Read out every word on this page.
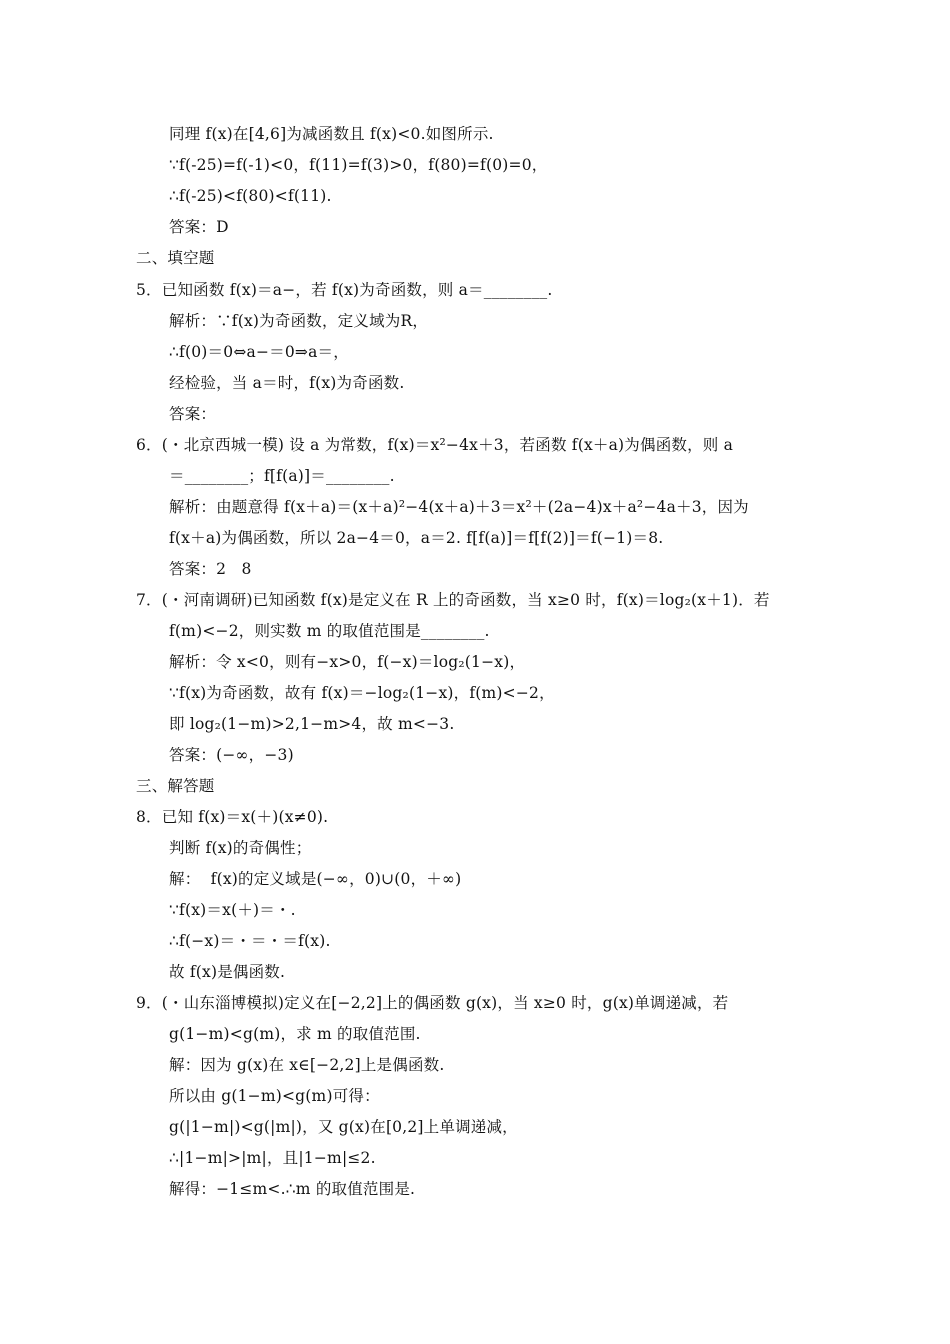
同理 f(x)在[4,6]为减函数且 f(x)<0.如图所示.
∵f(-25)=f(-1)<0，f(11)=f(3)>0，f(80)=f(0)=0，
∴f(-25)<f(80)<f(11).
答案：D
二、填空题
5．已知函数 f(x)＝a−，若 f(x)为奇函数，则 a＝________.
解析：∵f(x)为奇函数，定义域为R，
∴f(0)＝0⇔a−＝0⇒a＝，
经检验，当 a＝时，f(x)为奇函数.
答案：
6．(・北京西城一模) 设 a 为常数，f(x)＝x²−4x＋3，若函数 f(x＋a)为偶函数，则 a
＝________；f[f(a)]＝________.
解析：由题意得 f(x＋a)＝(x＋a)²−4(x＋a)＋3＝x²＋(2a−4)x＋a²−4a＋3，因为
f(x＋a)为偶函数，所以 2a−4＝0，a＝2. f[f(a)]＝f[f(2)]＝f(−1)＝8.
答案：2   8
7．(・河南调研)已知函数 f(x)是定义在 R 上的奇函数，当 x≥0 时，f(x)＝log₂(x＋1)．若
f(m)<−2，则实数 m 的取值范围是________.
解析：令 x<0，则有−x>0，f(−x)＝log₂(1−x)，
∵f(x)为奇函数，故有 f(x)＝−log₂(1−x)，f(m)<−2，
即 log₂(1−m)>2,1−m>4，故 m<−3.
答案：(−∞，−3)
三、解答题
8．已知 f(x)＝x(＋)(x≠0).
判断 f(x)的奇偶性；
解：  f(x)的定义域是(−∞，0)∪(0，＋∞)
∵f(x)＝x(＋)＝・.
∴f(−x)＝・＝・＝f(x).
故 f(x)是偶函数.
9．(・山东淄博模拟)定义在[−2,2]上的偶函数 g(x)，当 x≥0 时，g(x)单调递减，若
g(1−m)<g(m)，求 m 的取值范围.
解：因为 g(x)在 x∈[−2,2]上是偶函数.
所以由 g(1−m)<g(m)可得：
g(|1−m|)<g(|m|)，又 g(x)在[0,2]上单调递减，
∴|1−m|>|m|，且|1−m|≤2.
解得：−1≤m<.∴m 的取值范围是.
